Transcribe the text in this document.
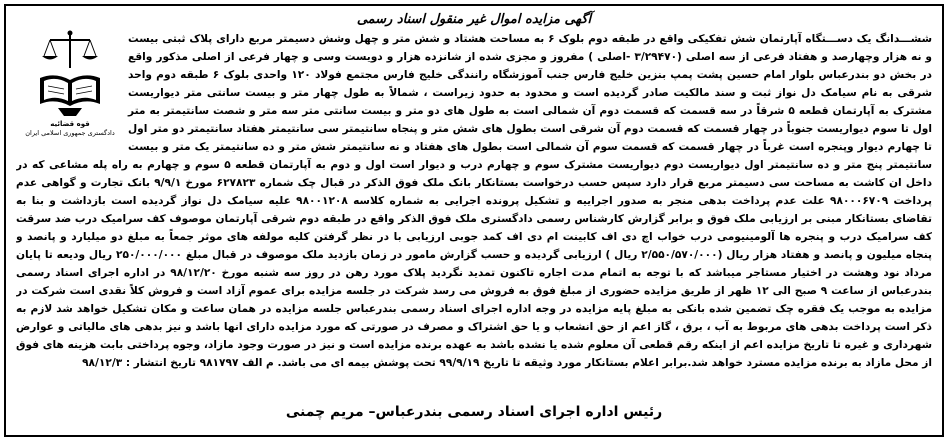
آگهی مزایده اموال غیر منقول اسناد رسمی
قوه قضائیه
دادگستری جمهوری اسلامی ایران

ششـــدانگ یک دســـتگاه آپارتمان شش تفکیکی واقع در طبقه دوم بلوک ۶ به مساحت هشتاد و شش متر و چهل وشش دسیمتر مربع دارای پلاک ثبتی بیست و نه هزار وچهارصد و هفتاد فرعی از سه اصلی (۳/۲۹۴۷۰ -اصلی ) مفروز و مجزی شده از شانزده هزار و دویست وسی و چهار فرعی از اصلی مذکور واقع در بخش دو بندرعباس بلوار امام حسین پشت پمپ بنزین خلیج فارس جنب آموزشگاه رانندگی خلیج فارس مجتمع فولاد ۱۲۰ واحدی بلوک ۶ طبقه دوم واحد شرقی به نام سیامک دل نواز ثبت و سند مالکیت صادر گردیده است و محدود به حدود زیراست ، شمالاً به طول چهار متر و بیست سانتی متر دیواریست مشترک به آپارتمان قطعه ۵ شرقاً در سه قسمت که قسمت دوم آن شمالی است به طول های دو متر و بیست سانتی متر سه متر و شصت سانتیمتر به متر اول تا سوم دیواریست جنوباً در چهار قسمت که قسمت دوم آن شرقی است بطول های شش متر و پنجاه سانتیمتر سی سانتیمتر هفتاد سانتیمتر دو متر اول تا چهارم دیوار وپنجره است غرباً در چهار قسمت که قسمت سوم آن شمالی است بطول های هفتاد و نه سانتیمتر شش متر و ده سانتیمتر یک متر و بیست سانتیمتر پنج متر و ده سانتیمتر اول دیواریست دوم دیواریست مشترک سوم و چهارم درب و دیوار است اول و دوم به آپارتمان قطعه ۵ سوم و چهارم به راه پله مشاعی که در داخل ان کاشت به مساحت سی دسیمتر مربع قرار دارد سپس حسب درخواست بستانکار بانک ملک فوق الذکر در قبال چک شماره ۶۲۷۸۲۳ مورخ ۹/۹/۱ بانک تجارت و گواهی عدم پرداخت ۹۸۰۰۰۶۷۰۹ علت عدم پرداخت بدهی منجر به صدور اجراییه و تشکیل پرونده اجرایی به شماره کلاسه ۹۸۰۰۱۲۰۸ علیه سیامک دل نواز گردیده است بازداشت و بنا به تقاضای بستانکار مبنی بر ارزیابی ملک فوق و برابر گزارش کارشناس رسمی دادگستری ملک فوق الذکر واقع در طبقه دوم شرقی آپارتمان موصوف کف سرامیک درب ضد سرقت کف سرامیک درب و پنجره ها آلومینیومی درب خواب اچ دی اف کابینت ام دی اف کمد جوبی ارزیابی با در نظر گرفتن کلیه مولفه های موثر جمعاً به مبلغ دو میلیارد و پانصد و پنجاه میلیون و پانصد و هفتاد هزار ریال (۲/۵۵۰/۵۷۰/۰۰۰ ریال ) ارزیابی گردیده و حسب گزارش مامور در زمان بازدید ملک موصوف در قبال مبلغ ۲۵۰/۰۰۰/۰۰۰ ریال ودیعه تا پایان مرداد نود وهشت در اختیار مستاجر میباشد که با توجه به اتمام مدت اجاره تاکنون تمدید نگردید پلاک مورد رهن در روز سه شنبه مورخ ۹۸/۱۲/۲۰ در اداره اجرای اسناد رسمی بندرعباس از ساعت ۹ صبح الی ۱۲ ظهر از طریق مزایده حضوری از مبلغ فوق به فروش می رسد شرکت در جلسه مزایده برای عموم آزاد است و فروش کلاً نقدی است شرکت در مزایده به موجب یک فقره چک تضمین شده بانکی به مبلغ پایه مزایده در وجه اداره اجرای اسناد رسمی بندرعباس جلسه مزایده در همان ساعت و مکان تشکیل خواهد شد لازم به ذکر است پرداخت بدهی های مربوط به آب ، برق ، گاز اعم از حق انشعاب و یا حق اشتراک و مصرف در صورتی که مورد مزایده دارای انها باشد و نیز بدهی های مالیاتی و عوارض شهرداری و غیره تا تاریخ مزایده اعم از اینکه رقم قطعی آن معلوم شده یا نشده باشد به عهده برنده مزایده است و نیز در صورت وجود مازاد، وجوه پرداختی بابت هزینه های فوق از محل مازاد به برنده مزایده مسترد خواهد شد.برابر اعلام بستانکار مورد وثیقه تا تاریخ ۹۹/۹/۱۹ تحت پوشش بیمه ای می باشد. م الف ۹۸۱۷۹۷ تاریخ انتشار : ۹۸/۱۲/۳

رئیس اداره اجرای اسناد رسمی بندرعباس– مریم چمنی
